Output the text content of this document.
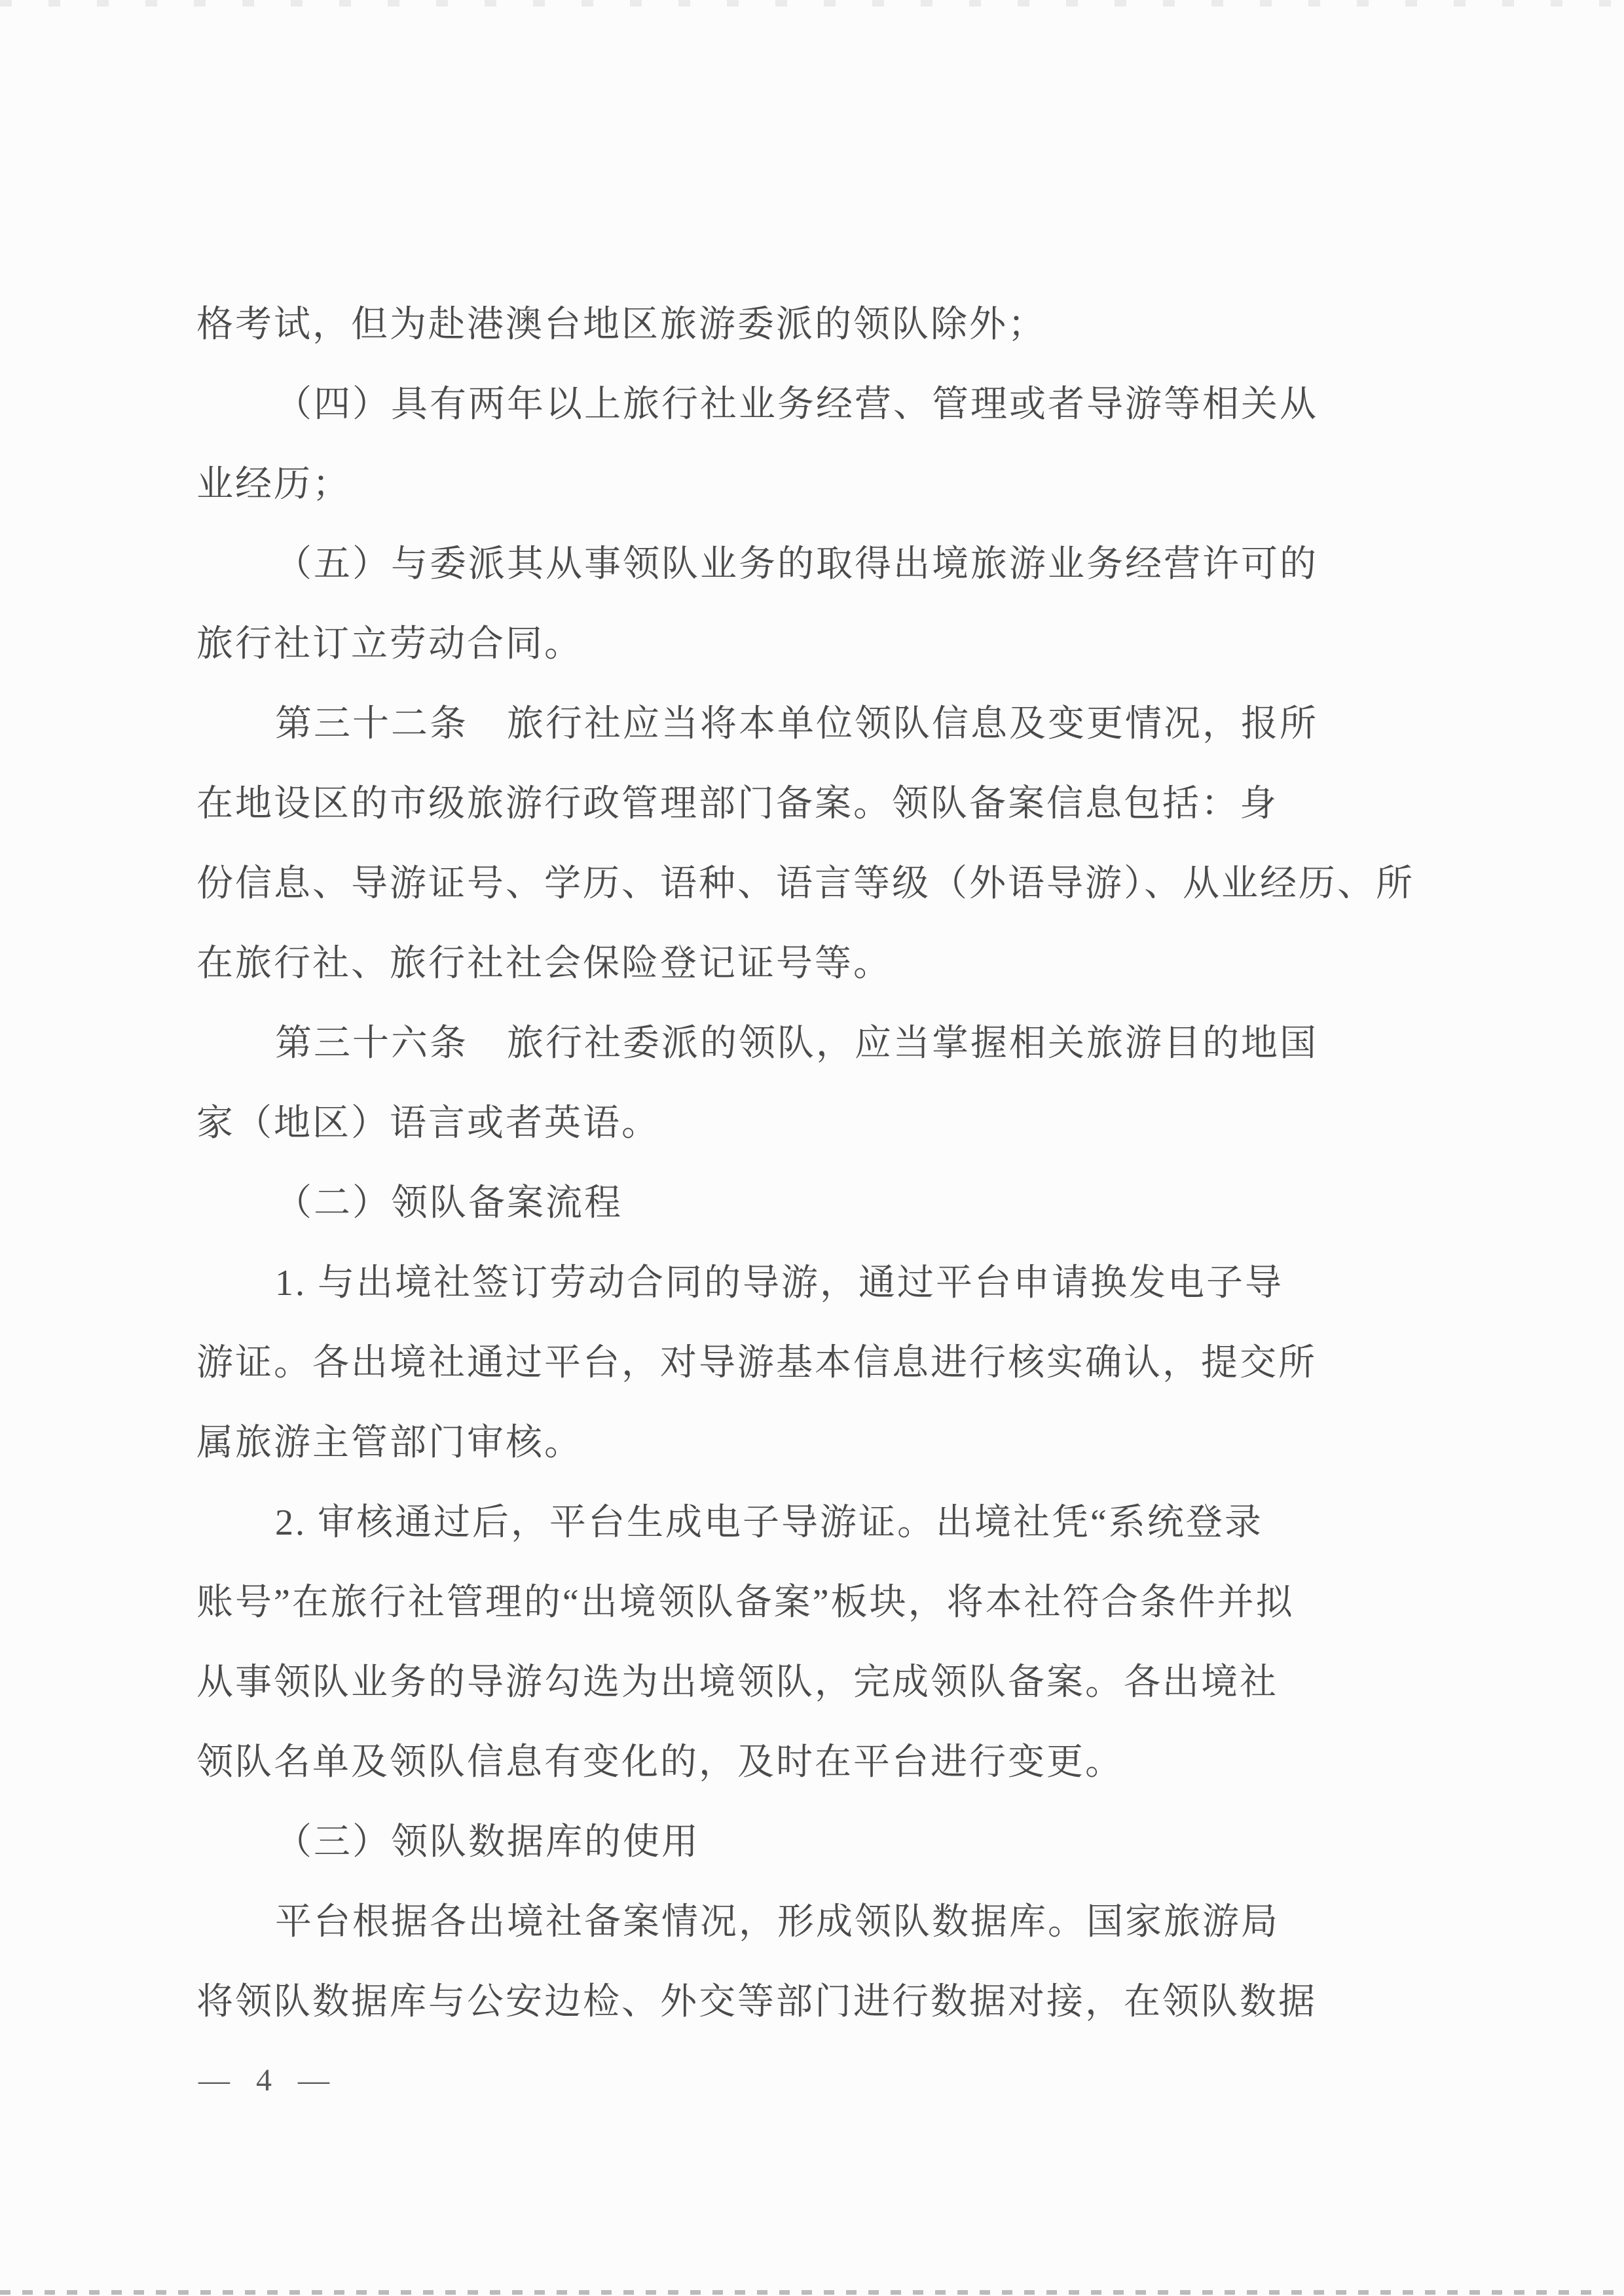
格考试，但为赴港澳台地区旅游委派的领队除外；
（四）具有两年以上旅行社业务经营、管理或者导游等相关从
业经历；
（五）与委派其从事领队业务的取得出境旅游业务经营许可的
旅行社订立劳动合同。
第三十二条　旅行社应当将本单位领队信息及变更情况，报所
在地设区的市级旅游行政管理部门备案。领队备案信息包括：身
份信息、导游证号、学历、语种、语言等级（外语导游）、从业经历、所
在旅行社、旅行社社会保险登记证号等。
第三十六条　旅行社委派的领队，应当掌握相关旅游目的地国
家（地区）语言或者英语。
（二）领队备案流程
1. 与出境社签订劳动合同的导游，通过平台申请换发电子导
游证。各出境社通过平台，对导游基本信息进行核实确认，提交所
属旅游主管部门审核。
2. 审核通过后，平台生成电子导游证。出境社凭“系统登录
账号”在旅行社管理的“出境领队备案”板块，将本社符合条件并拟
从事领队业务的导游勾选为出境领队，完成领队备案。各出境社
领队名单及领队信息有变化的，及时在平台进行变更。
（三）领队数据库的使用
平台根据各出境社备案情况，形成领队数据库。国家旅游局
将领队数据库与公安边检、外交等部门进行数据对接，在领队数据
— 4 —
